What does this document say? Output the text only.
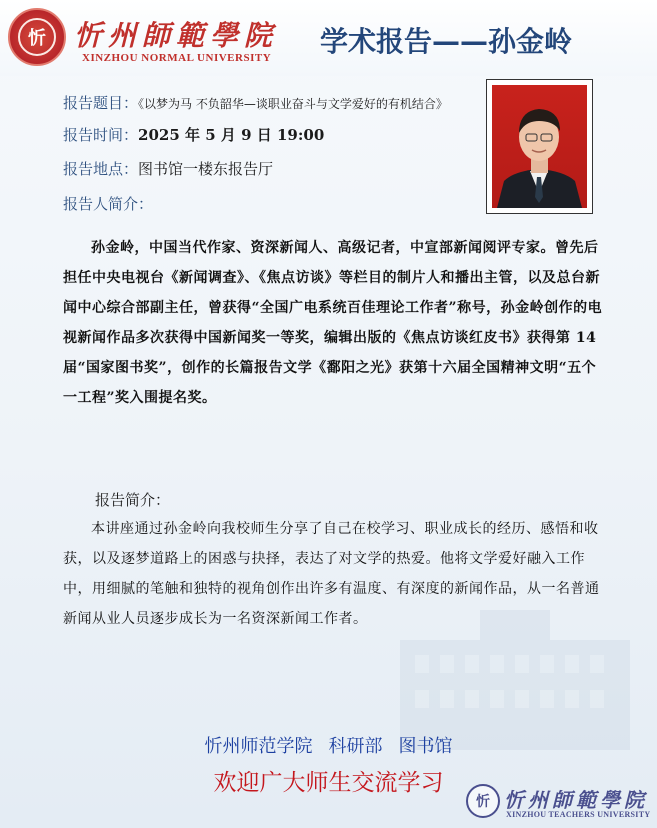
忻	忻州師範學院
XINZHOU NORMAL UNIVERSITY 学术报告——孙金岭
报告题目：《以梦为马 不负韶华—谈职业奋斗与文学爱好的有机结合》
报告时间：2025 年 5 月 9 日 19:00
报告地点：图书馆一楼东报告厅
报告人简介：
孙金岭，中国当代作家、资深新闻人、高级记者，中宣部新闻阅评专家。曾先后担任中央电视台《新闻调查》、《焦点访谈》等栏目的制片人和播出主管，以及总台新闻中心综合部副主任，曾获得“全国广电系统百佳理论工作者”称号，孙金岭创作的电视新闻作品多次获得中国新闻奖一等奖，编辑出版的《焦点访谈红皮书》获得第 14 届“国家图书奖”，创作的长篇报告文学《鄱阳之光》获第十六届全国精神文明“五个一工程”奖入围提名奖。
报告简介：
本讲座通过孙金岭向我校师生分享了自己在校学习、职业成长的经历、感悟和收获，以及逐梦道路上的困惑与抉择，表达了对文学的热爱。他将文学爱好融入工作中，用细腻的笔触和独特的视角创作出许多有温度、有深度的新闻作品，从一名普通新闻从业人员逐步成长为一名资深新闻工作者。
忻州师范学院 科研部 图书馆
欢迎广大师生交流学习
忻 忻州師範學院
XINZHOU TEACHERS UNIVERSITY
